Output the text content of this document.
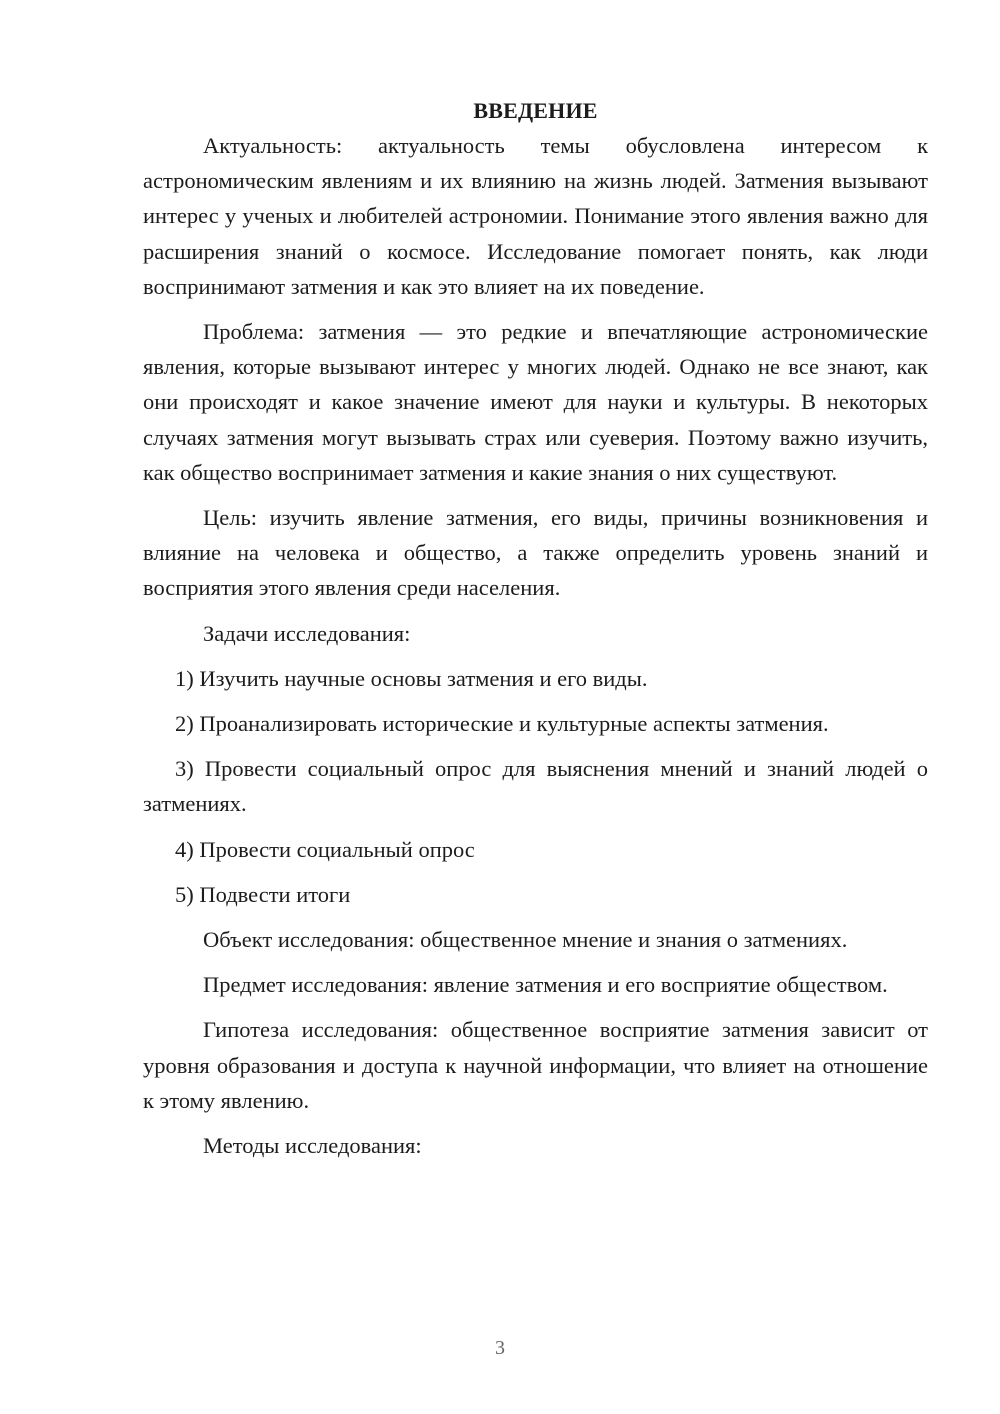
ВВЕДЕНИЕ

Актуальность: актуальность темы обусловлена интересом к астрономическим явлениям и их влиянию на жизнь людей. Затмения вызывают интерес у ученых и любителей астрономии. Понимание этого явления важно для расширения знаний о космосе. Исследование помогает понять, как люди воспринимают затмения и как это влияет на их поведение.

Проблема: затмения — это редкие и впечатляющие астрономические явления, которые вызывают интерес у многих людей. Однако не все знают, как они происходят и какое значение имеют для науки и культуры. В некоторых случаях затмения могут вызывать страх или суеверия. Поэтому важно изучить, как общество воспринимает затмения и какие знания о них существуют.

Цель: изучить явление затмения, его виды, причины возникновения и влияние на человека и общество, а также определить уровень знаний и восприятия этого явления среди населения.

Задачи исследования:

1) Изучить научные основы затмения и его виды.

2) Проанализировать исторические и культурные аспекты затмения.

3) Провести социальный опрос для выяснения мнений и знаний людей о затмениях.

4) Провести социальный опрос

5) Подвести итоги

Объект исследования: общественное мнение и знания о затмениях.

Предмет исследования: явление затмения и его восприятие обществом.

Гипотеза исследования: общественное восприятие затмения зависит от уровня образования и доступа к научной информации, что влияет на отношение к этому явлению.

Методы исследования:

3
